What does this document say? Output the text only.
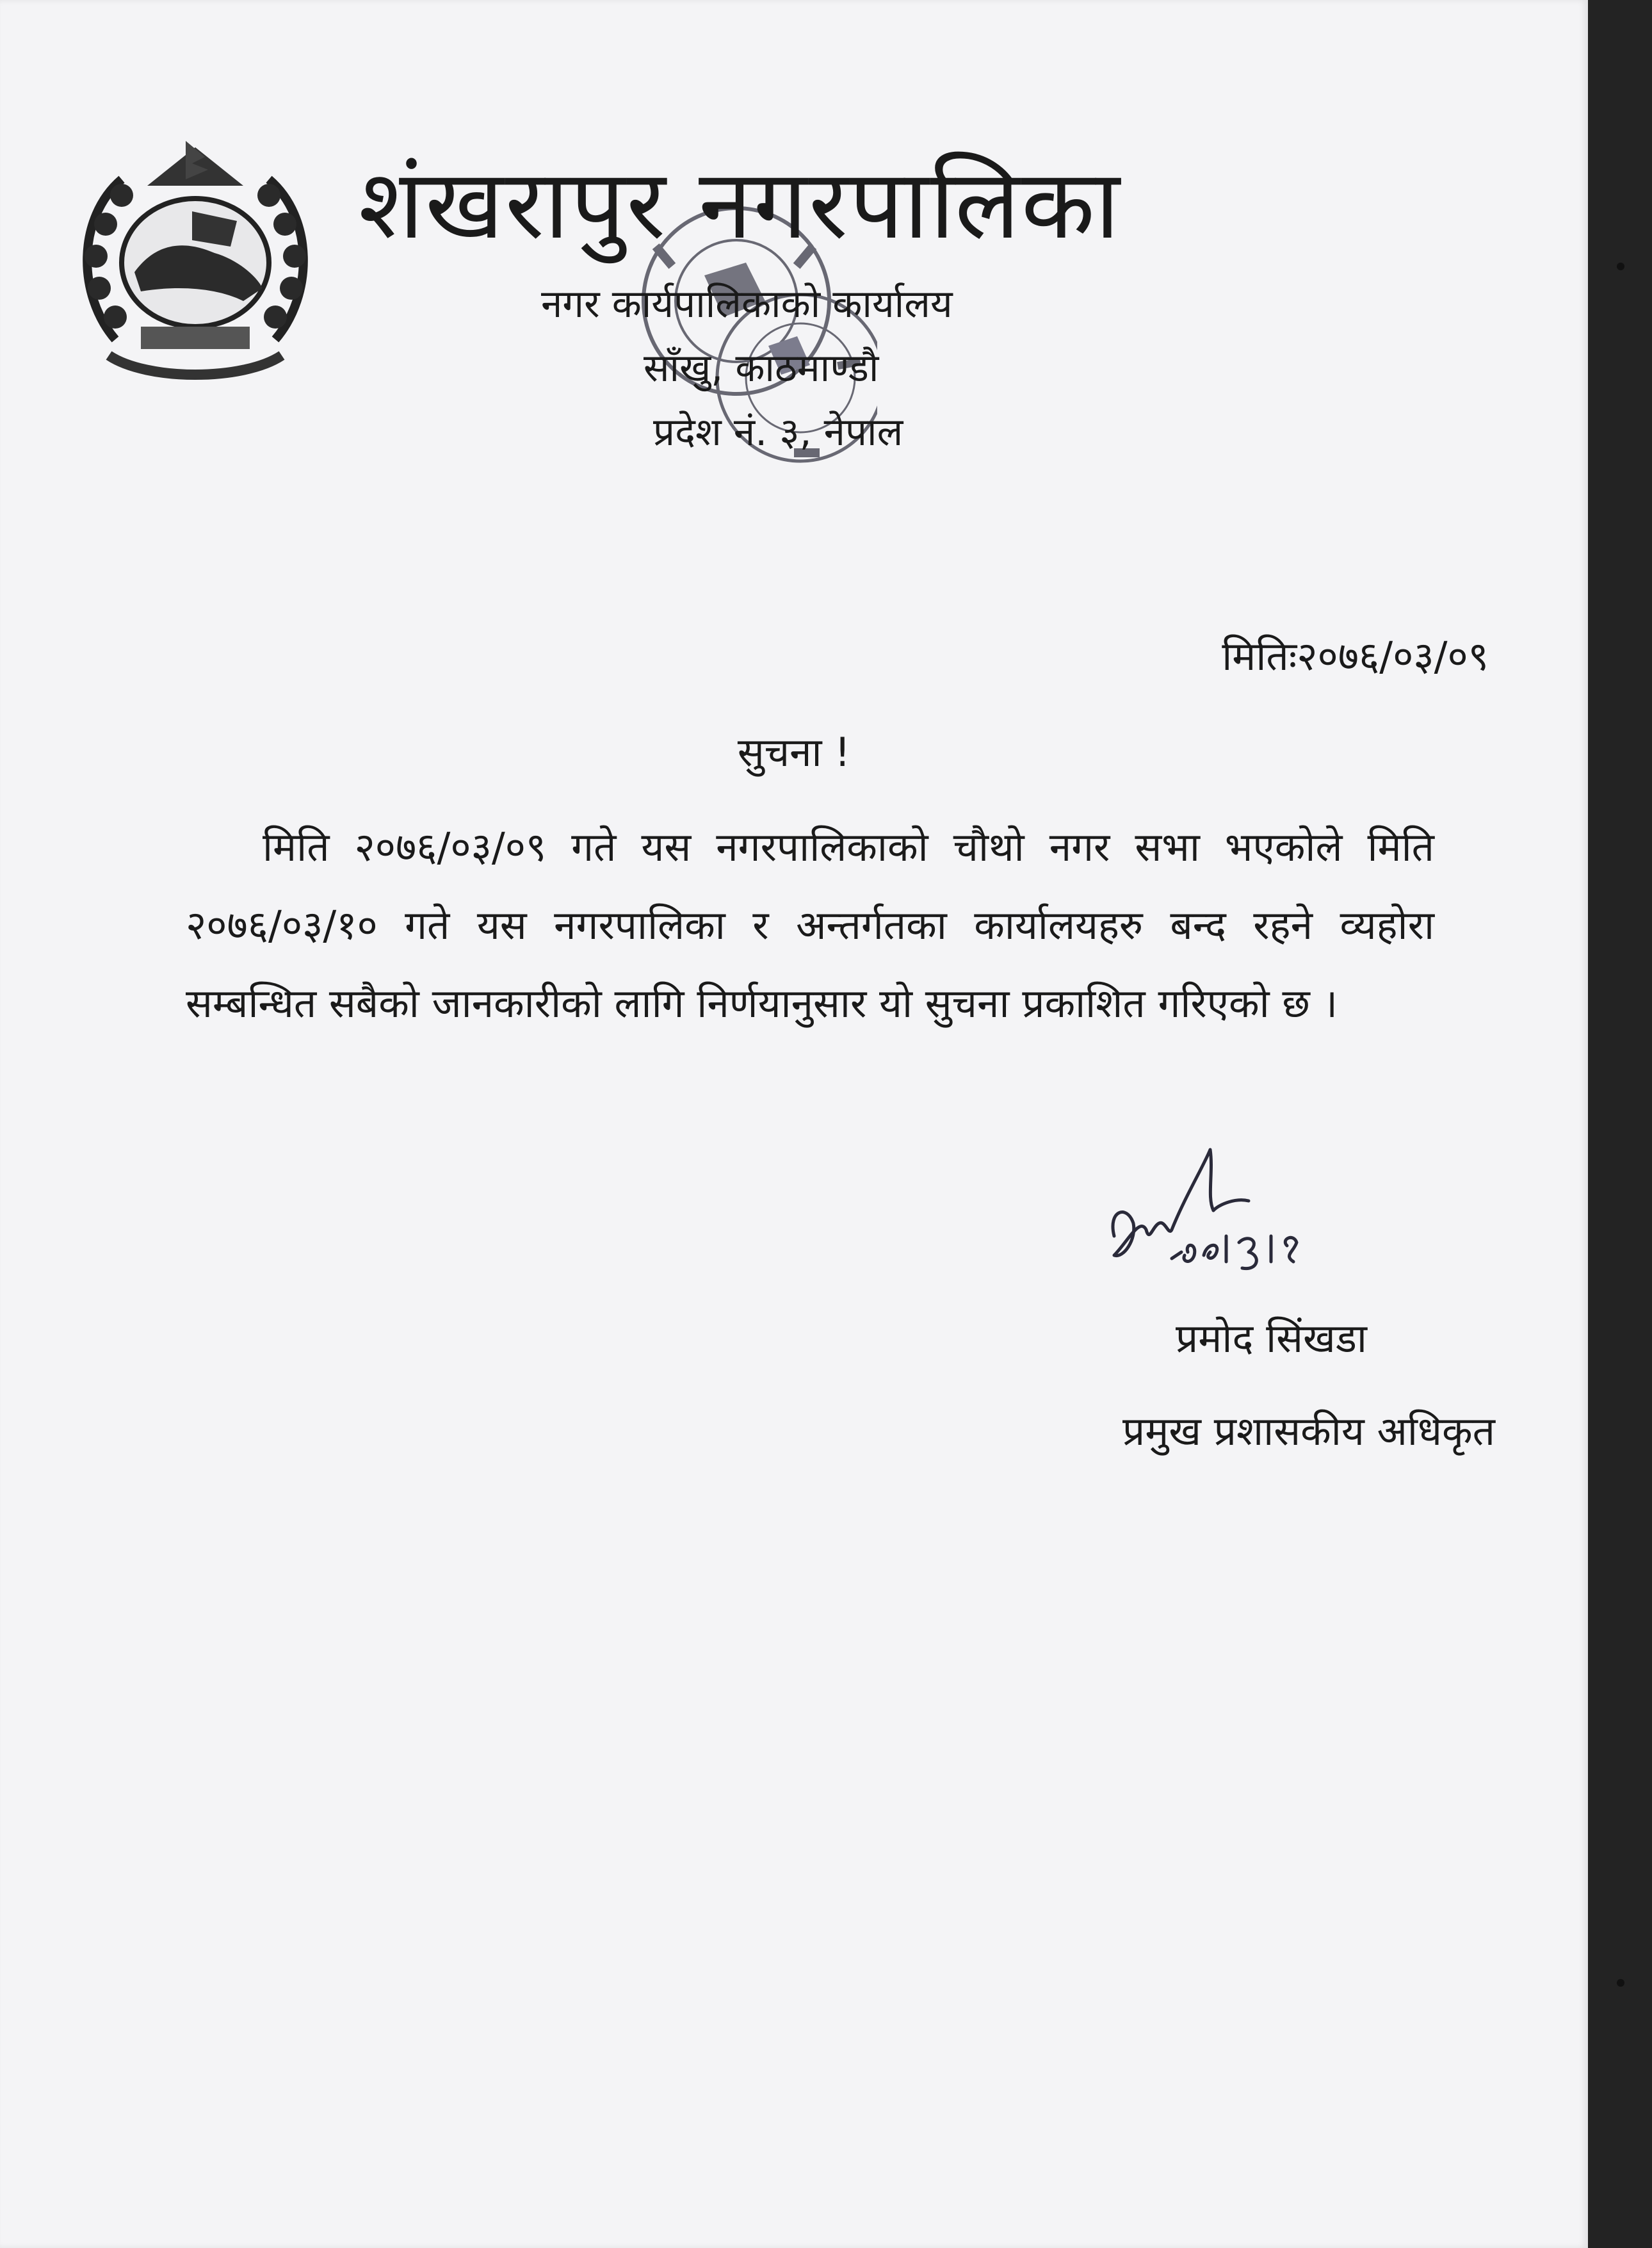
शंखरापुर नगरपालिका

नगर कार्यपालिकाको कार्यालय

साँखु, काठमाण्डौ

प्रदेश नं. ३, नेपाल

मितिः२०७६/०३/०९

सुचना !

मिति २०७६/०३/०९ गते यस नगरपालिकाको चौथो नगर सभा भएकोले मिति २०७६/०३/१० गते यस नगरपालिका र अन्तर्गतका कार्यालयहरु बन्द रहने व्यहोरा सम्बन्धित सबैको जानकारीको लागि निर्णयानुसार यो सुचना प्रकाशित गरिएको छ ।

प्रमोद सिंखडा

प्रमुख प्रशासकीय अधिकृत
